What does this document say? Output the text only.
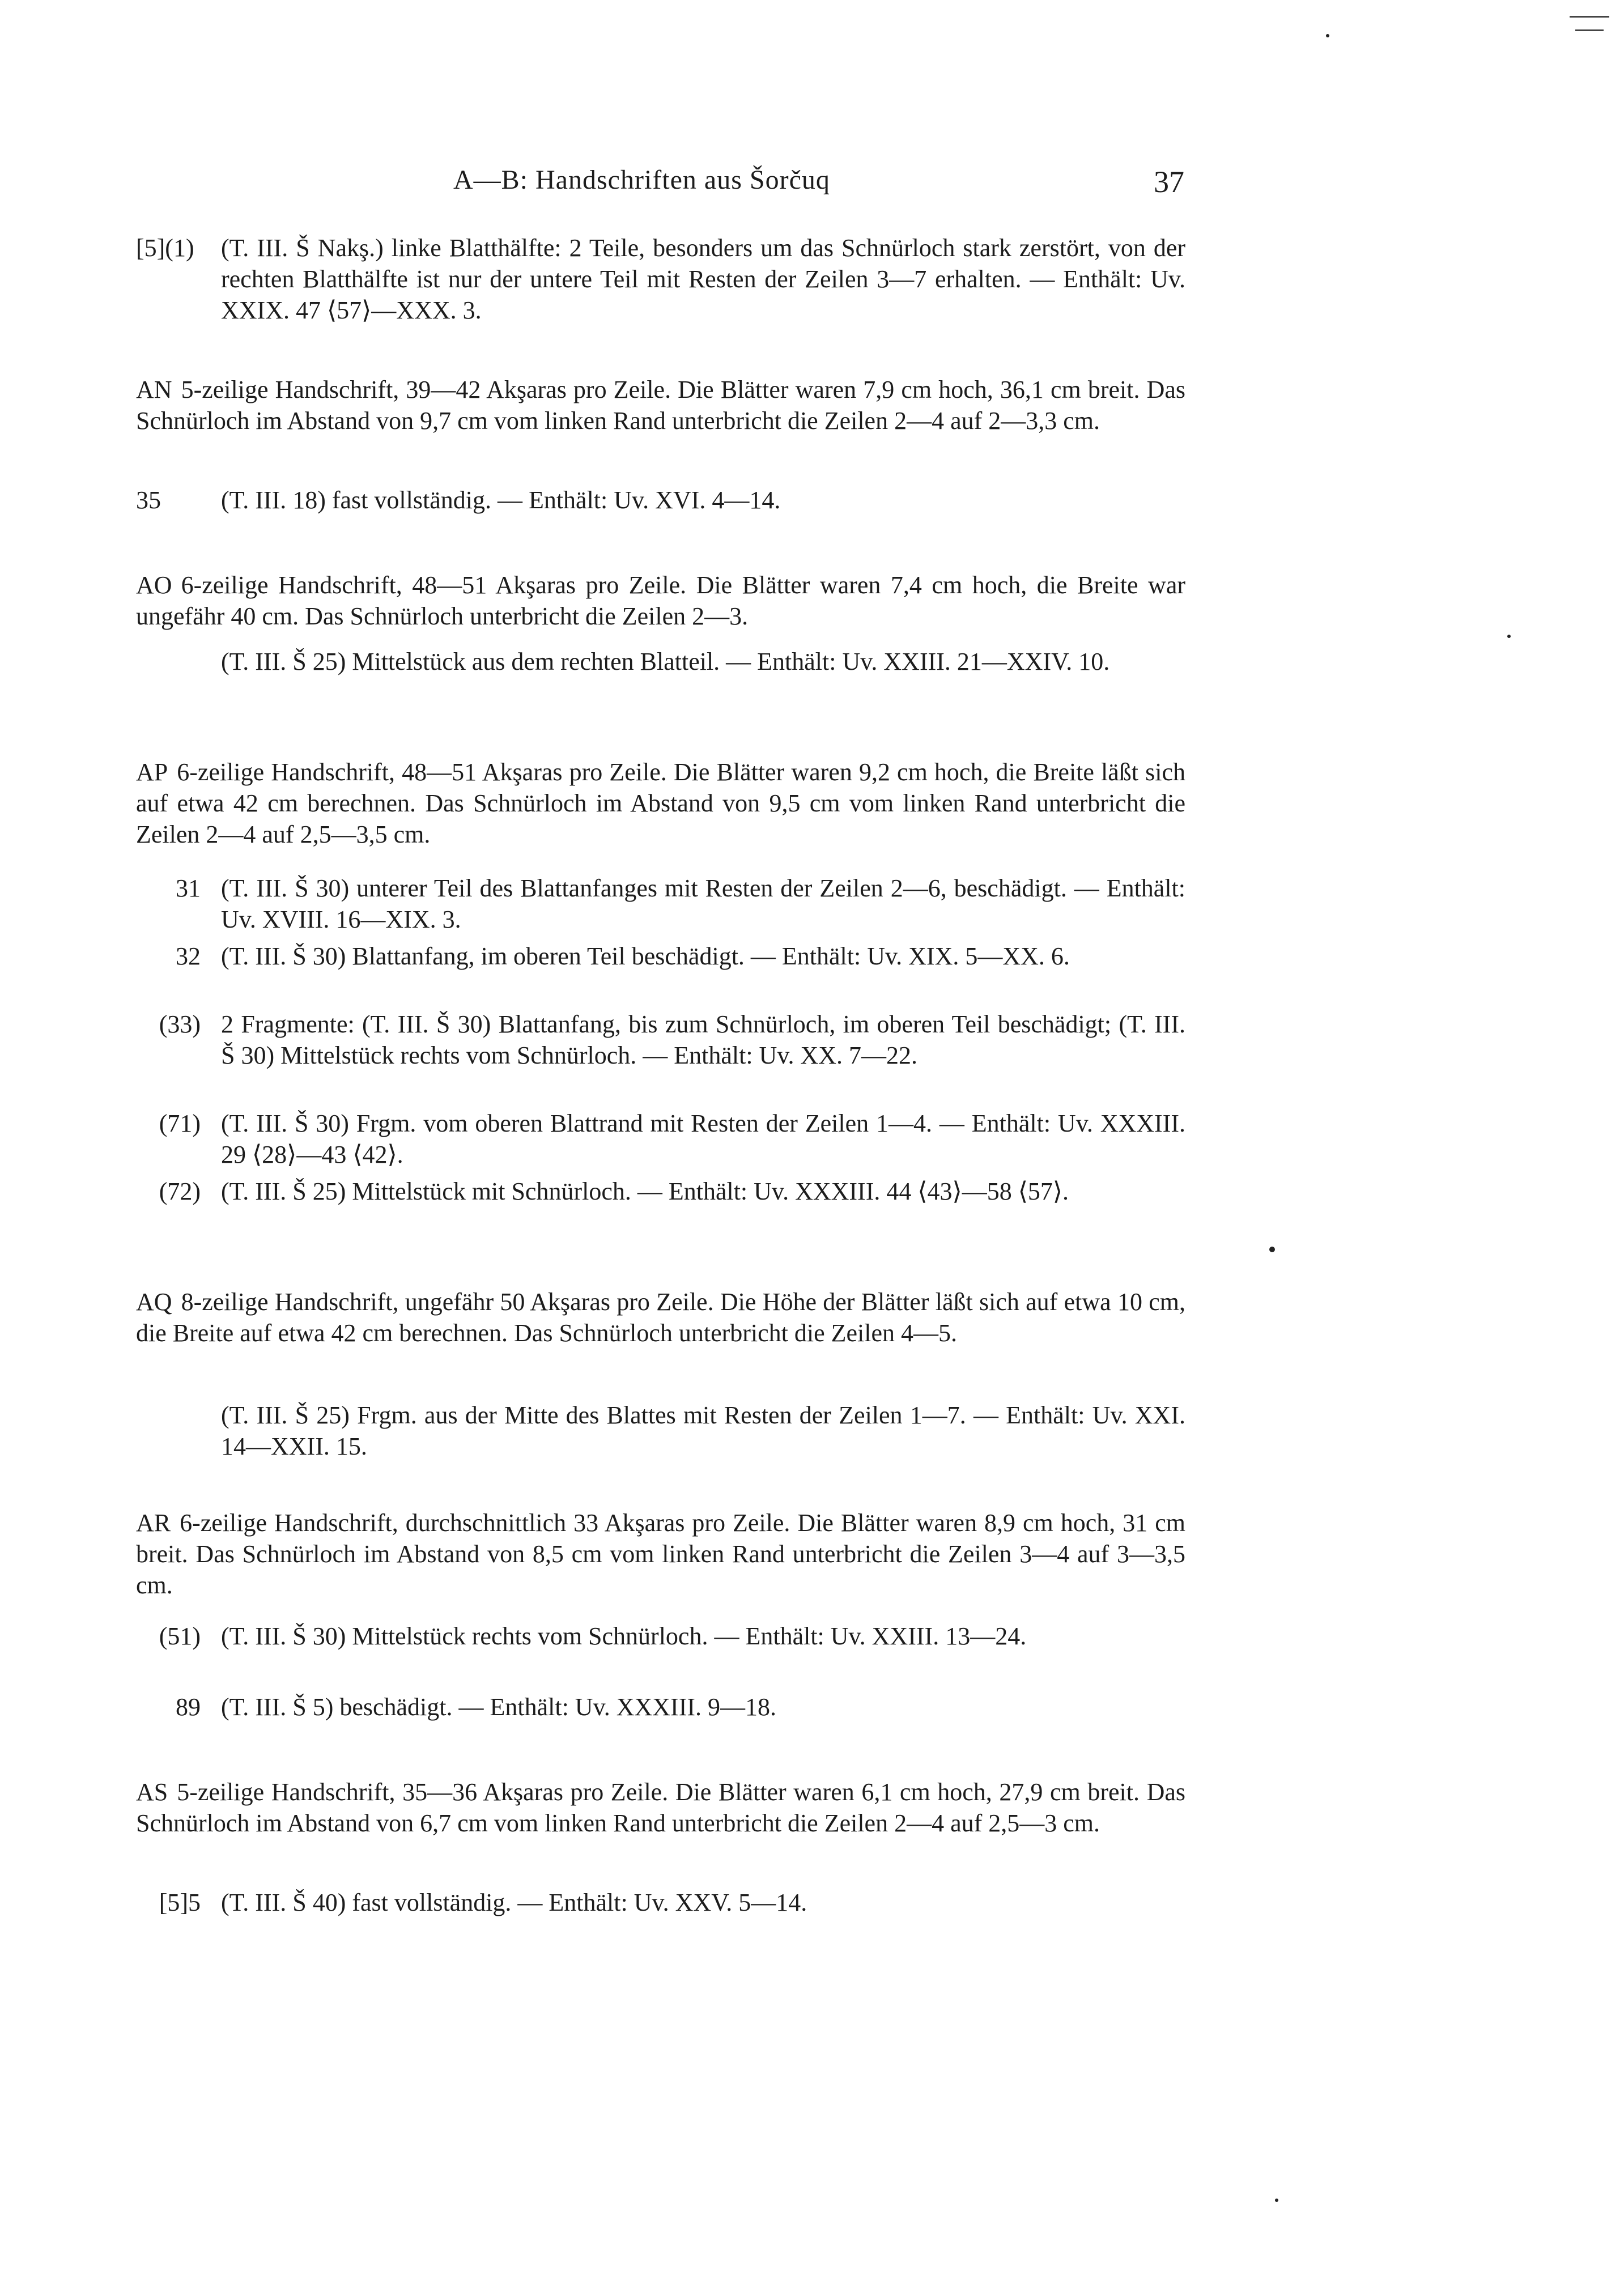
A—B: Handschriften aus Šorčuq	37
[5](1)	(T. III. Š Nakş.) linke Blatthälfte: 2 Teile, besonders um das Schnürloch stark zerstört, von der rechten Blatthälfte ist nur der untere Teil mit Resten der Zeilen 3—7 erhalten. — Enthält: Uv. XXIX. 47 ⟨57⟩—XXX. 3.
AN 5-zeilige Handschrift, 39—42 Akşaras pro Zeile. Die Blätter waren 7,9 cm hoch, 36,1 cm breit. Das Schnürloch im Abstand von 9,7 cm vom linken Rand unterbricht die Zeilen 2—4 auf 2—3,3 cm.
35	(T. III. 18) fast vollständig. — Enthält: Uv. XVI. 4—14.
AO 6-zeilige Handschrift, 48—51 Akşaras pro Zeile. Die Blätter waren 7,4 cm hoch, die Breite war ungefähr 40 cm. Das Schnürloch unterbricht die Zeilen 2—3.
(T. III. Š 25) Mittelstück aus dem rechten Blatteil. — Enthält: Uv. XXIII. 21—XXIV. 10.
AP 6-zeilige Handschrift, 48—51 Akşaras pro Zeile. Die Blätter waren 9,2 cm hoch, die Breite läßt sich auf etwa 42 cm berechnen. Das Schnürloch im Abstand von 9,5 cm vom linken Rand unterbricht die Zeilen 2—4 auf 2,5—3,5 cm.
31 (T. III. Š 30) unterer Teil des Blattanfanges mit Resten der Zeilen 2—6, beschädigt. — Enthält: Uv. XVIII. 16—XIX. 3.
32 (T. III. Š 30) Blattanfang, im oberen Teil beschädigt. — Enthält: Uv. XIX. 5—XX. 6.
(33) 2 Fragmente: (T. III. Š 30) Blattanfang, bis zum Schnürloch, im oberen Teil beschädigt; (T. III. Š 30) Mittelstück rechts vom Schnürloch. — Enthält: Uv. XX. 7—22.
(71) (T. III. Š 30) Frgm. vom oberen Blattrand mit Resten der Zeilen 1—4. — Enthält: Uv. XXXIII. 29 ⟨28⟩—43 ⟨42⟩.
(72) (T. III. Š 25) Mittelstück mit Schnürloch. — Enthält: Uv. XXXIII. 44 ⟨43⟩—58 ⟨57⟩.
AQ 8-zeilige Handschrift, ungefähr 50 Akşaras pro Zeile. Die Höhe der Blätter läßt sich auf etwa 10 cm, die Breite auf etwa 42 cm berechnen. Das Schnürloch unterbricht die Zeilen 4—5.
(T. III. Š 25) Frgm. aus der Mitte des Blattes mit Resten der Zeilen 1—7. — Enthält: Uv. XXI. 14—XXII. 15.
AR 6-zeilige Handschrift, durchschnittlich 33 Akşaras pro Zeile. Die Blätter waren 8,9 cm hoch, 31 cm breit. Das Schnürloch im Abstand von 8,5 cm vom linken Rand unterbricht die Zeilen 3—4 auf 3—3,5 cm.
(51) (T. III. Š 30) Mittelstück rechts vom Schnürloch. — Enthält: Uv. XXIII. 13—24.
89 (T. III. Š 5) beschädigt. — Enthält: Uv. XXXIII. 9—18.
AS 5-zeilige Handschrift, 35—36 Akşaras pro Zeile. Die Blätter waren 6,1 cm hoch, 27,9 cm breit. Das Schnürloch im Abstand von 6,7 cm vom linken Rand unterbricht die Zeilen 2—4 auf 2,5—3 cm.
[5]5 (T. III. Š 40) fast vollständig. — Enthält: Uv. XXV. 5—14.
